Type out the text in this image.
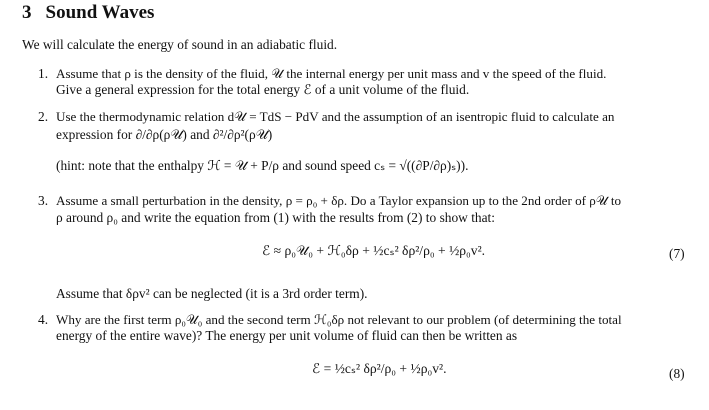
3 Sound Waves
We will calculate the energy of sound in an adiabatic fluid.
1. Assume that ρ is the density of the fluid, 𝒰 the internal energy per unit mass and v the speed of the fluid.
Give a general expression for the total energy ℰ of a unit volume of the fluid.
2. Use the thermodynamic relation d𝒰 = TdS − PdV and the assumption of an isentropic fluid to calculate an
expression for ∂/∂ρ(ρ𝒰) and ∂²/∂ρ²(ρ𝒰)
(hint: note that the enthalpy ℋ = 𝒰 + P/ρ and sound speed cₛ = √((∂P/∂ρ)ₛ)).
3. Assume a small perturbation in the density, ρ = ρ₀ + δρ. Do a Taylor expansion up to the 2nd order of ρ𝒰 to
ρ around ρ₀ and write the equation from (1) with the results from (2) to show that:
ℰ ≈ ρ₀𝒰₀ + ℋ₀δρ + ½cₛ² δρ²/ρ₀ + ½ρ₀v².	(7)
Assume that δρv² can be neglected (it is a 3rd order term).
4. Why are the first term ρ₀𝒰₀ and the second term ℋ₀δρ not relevant to our problem (of determining the total
energy of the entire wave)? The energy per unit volume of fluid can then be written as
ℰ = ½cₛ² δρ²/ρ₀ + ½ρ₀v².	(8)
